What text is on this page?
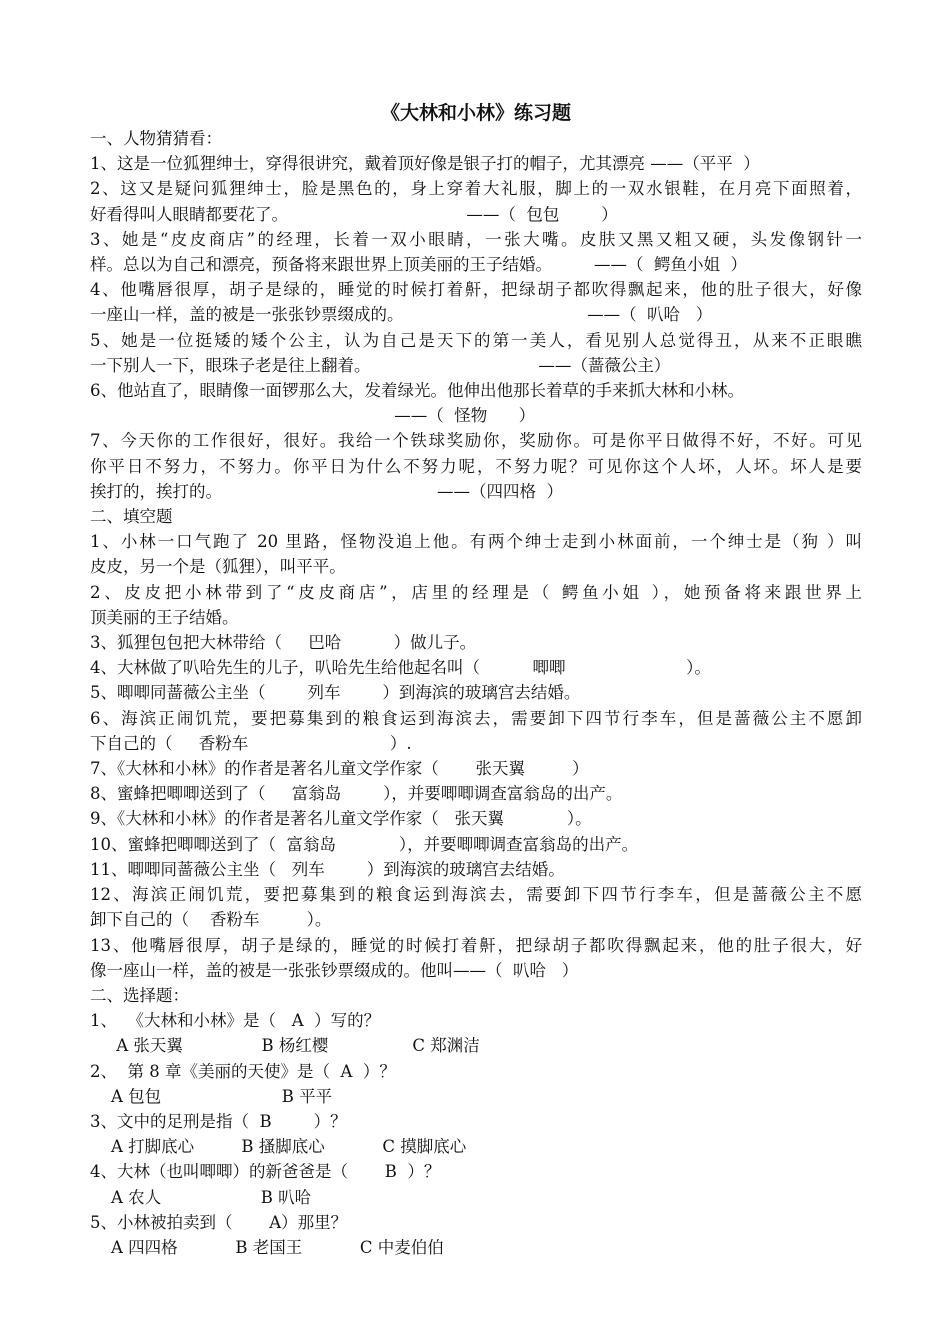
《大林和小林》练习题
一、人物猜猜看：
1、这是一位狐狸绅士，穿得很讲究，戴着顶好像是银子打的帽子，尤其漂亮 ——（平平  ）
2、这又是疑问狐狸绅士，脸是黑色的，身上穿着大礼服，脚上的一双水银鞋，在月亮下面照着，
好看得叫人眼睛都要花了。                                  ——（  包包        ）
3、她是“皮皮商店”的经理，长着一双小眼睛，一张大嘴。皮肤又黑又粗又硬，头发像钢针一
样。总以为自己和漂亮，预备将来跟世界上顶美丽的王子结婚。        ——（  鳄鱼小姐  ）
4、他嘴唇很厚，胡子是绿的，睡觉的时候打着鼾，把绿胡子都吹得飘起来，他的肚子很大，好像
一座山一样，盖的被是一张张钞票缀成的。                                   ——（  叭哈   ）
5、她是一位挺矮的矮个公主，认为自己是天下的第一美人，看见别人总觉得丑，从来不正眼瞧
一下别人一下，眼珠子老是往上翻着。                                ——（蔷薇公主）
6、他站直了，眼睛像一面锣那么大，发着绿光。他伸出他那长着草的手来抓大林和小林。
——（  怪物      ）
7、今天你的工作很好，很好。我给一个铁球奖励你，奖励你。可是你平日做得不好，不好。可见
你平日不努力，不努力。你平日为什么不努力呢，不努力呢？可见你这个人坏，人坏。坏人是要
挨打的，挨打的。                                         ——（四四格  ）
二、填空题
1、小林一口气跑了 20 里路，怪物没追上他。有两个绅士走到小林面前，一个绅士是（狗 ）叫
皮皮，另一个是（狐狸），叫平平。
2、皮皮把小林带到了“皮皮商店”，店里的经理是（ 鳄鱼小姐 ），她预备将来跟世界上
顶美丽的王子结婚。
3、狐狸包包把大林带给（     巴哈          ）做儿子。
4、大林做了叭哈先生的儿子，叭哈先生给他起名叫（          唧唧                       ）。
5、唧唧同蔷薇公主坐（        列车        ）到海滨的玻璃宫去结婚。
6、海滨正闹饥荒，要把募集到的粮食运到海滨去，需要卸下四节行李车，但是蔷薇公主不愿卸
下自己的（     香粉车                           ）.
7、《大林和小林》的作者是著名儿童文学作家（       张天翼         ）
8、蜜蜂把唧唧送到了（     富翁岛        ），并要唧唧调查富翁岛的出产。
9、《大林和小林》的作者是著名儿童文学作家（   张天翼            ）。
10、蜜蜂把唧唧送到了（  富翁岛            ），并要唧唧调查富翁岛的出产。
11、唧唧同蔷薇公主坐（   列车        ）到海滨的玻璃宫去结婚。
12、海滨正闹饥荒，要把募集到的粮食运到海滨去，需要卸下四节行李车，但是蔷薇公主不愿
卸下自己的（    香粉车         ）。
13、他嘴唇很厚，胡子是绿的，睡觉的时候打着鼾，把绿胡子都吹得飘起来，他的肚子很大，好
像一座山一样，盖的被是一张张钞票缀成的。他叫——（  叭哈   ）
二、选择题：
1、  《大林和小林》是（   A  ）写的？
A 张天翼               B 杨红樱                C 郑渊洁
2、  第 8 章《美丽的天使》是（  A  ）？
A 包包                       B 平平
3、文中的足刑是指（  B        ）？
A 打脚底心         B 搔脚底心           C 摸脚底心
4、大林（也叫唧唧）的新爸爸是（       B  ）？
A 农人                   B 叭哈
5、小林被拍卖到（       A）那里？
A 四四格           B 老国王           C 中麦伯伯
